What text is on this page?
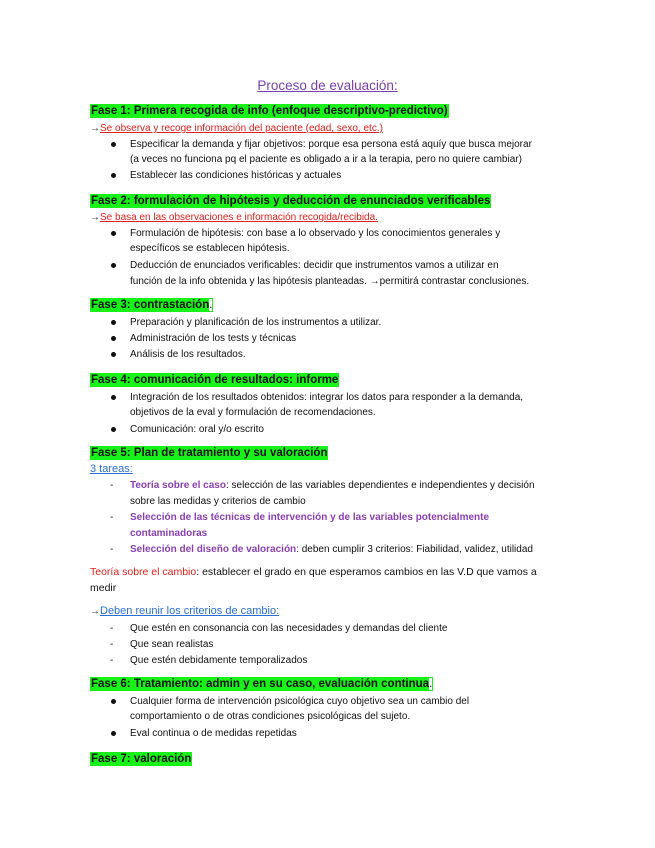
Proceso de evaluación:
Fase 1: Primera recogida de info (enfoque descriptivo-predictivo)
→Se observa y recoge información del paciente (edad, sexo, etc.)
Especificar la demanda y fijar objetivos: porque esa persona está aquíy que busca mejorar
(a veces no funciona pq el paciente es obligado a ir a la terapia, pero no quiere cambiar)
Establecer las condiciones históricas y actuales
Fase 2: formulación de hipótesis y deducción de enunciados verificables
→Se basa en las observaciones e información recogida/recibida.
Formulación de hipótesis: con base a lo observado y los conocimientos generales y
específicos se establecen hipótesis.
Deducción de enunciados verificables: decidir que instrumentos vamos a utilizar en
función de la info obtenida y las hipótesis planteadas. →permitirá contrastar conclusiones.
Fase 3: contrastación.
Preparación y planificación de los instrumentos a utilizar.
Administración de los tests y técnicas
Análisis de los resultados.
Fase 4: comunicación de resultados: informe
Integración de los resultados obtenidos: integrar los datos para responder a la demanda,
objetivos de la eval y formulación de recomendaciones.
Comunicación: oral y/o escrito
Fase 5: Plan de tratamiento y su valoración
3 tareas:
- Teoría sobre el caso: selección de las variables dependientes e independientes y decisión
sobre las medidas y criterios de cambio
- Selección de las técnicas de intervención y de las variables potencialmente
contaminadoras
- Selección del diseño de valoración: deben cumplir 3 criterios: Fiabilidad, validez, utilidad
Teoría sobre el cambio: establecer el grado en que esperamos cambios en las V.D que vamos a
medir
→Deben reunir los criterios de cambio:
- Que estén en consonancia con las necesidades y demandas del cliente
- Que sean realistas
- Que estén debidamente temporalizados
Fase 6: Tratamiento: admin y en su caso, evaluación continua.
Cualquier forma de intervención psicológica cuyo objetivo sea un cambio del
comportamiento o de otras condiciones psicológicas del sujeto.
Eval continua o de medidas repetidas
Fase 7: valoración
